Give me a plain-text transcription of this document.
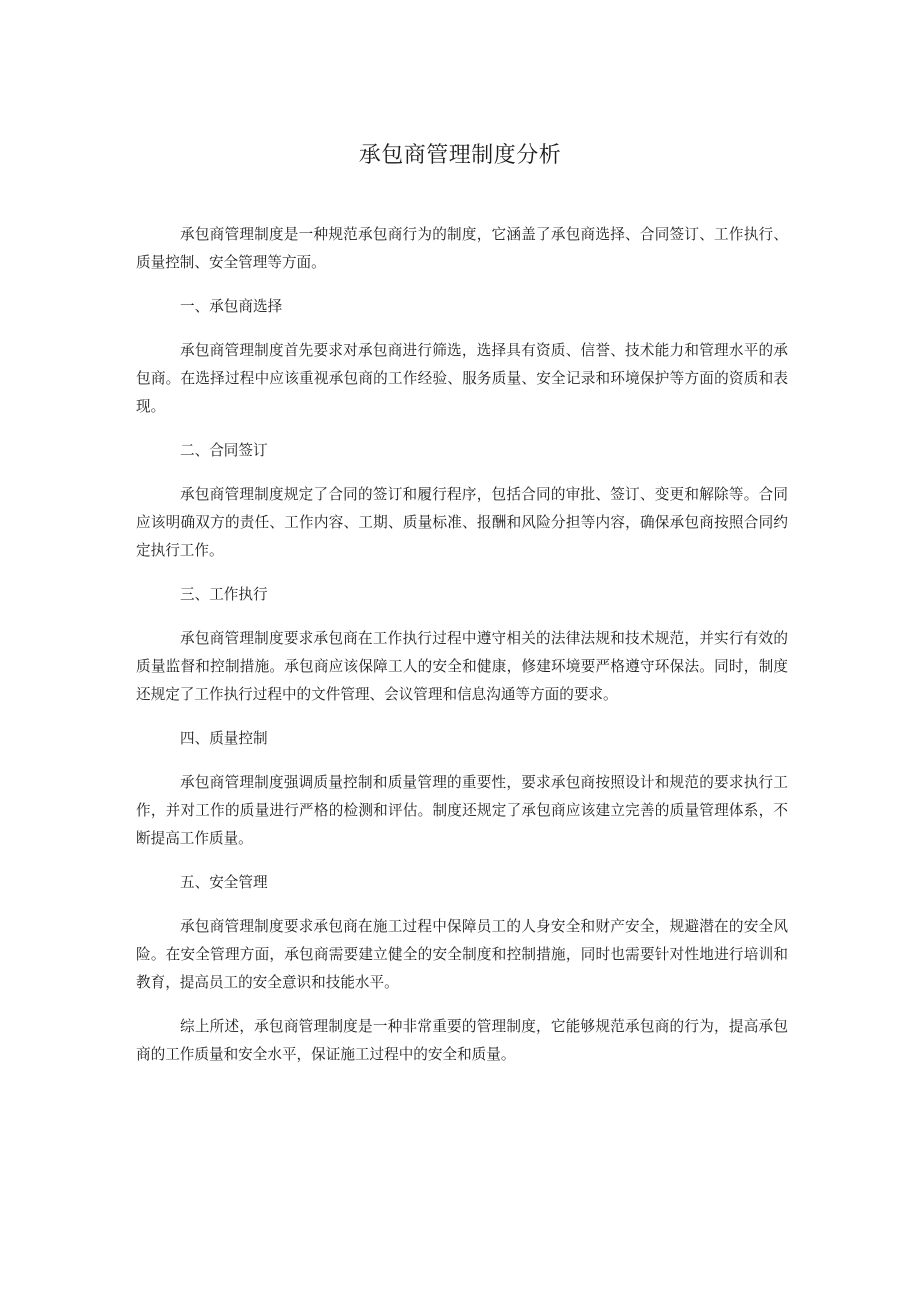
承包商管理制度分析

承包商管理制度是一种规范承包商行为的制度，它涵盖了承包商选择、合同签订、工作执行、质量控制、安全管理等方面。

一、承包商选择

承包商管理制度首先要求对承包商进行筛选，选择具有资质、信誉、技术能力和管理水平的承包商。在选择过程中应该重视承包商的工作经验、服务质量、安全记录和环境保护等方面的资质和表现。

二、合同签订

承包商管理制度规定了合同的签订和履行程序，包括合同的审批、签订、变更和解除等。合同应该明确双方的责任、工作内容、工期、质量标准、报酬和风险分担等内容，确保承包商按照合同约定执行工作。

三、工作执行

承包商管理制度要求承包商在工作执行过程中遵守相关的法律法规和技术规范，并实行有效的质量监督和控制措施。承包商应该保障工人的安全和健康，修建环境要严格遵守环保法。同时，制度还规定了工作执行过程中的文件管理、会议管理和信息沟通等方面的要求。

四、质量控制

承包商管理制度强调质量控制和质量管理的重要性，要求承包商按照设计和规范的要求执行工作，并对工作的质量进行严格的检测和评估。制度还规定了承包商应该建立完善的质量管理体系，不断提高工作质量。

五、安全管理

承包商管理制度要求承包商在施工过程中保障员工的人身安全和财产安全，规避潜在的安全风险。在安全管理方面，承包商需要建立健全的安全制度和控制措施，同时也需要针对性地进行培训和教育，提高员工的安全意识和技能水平。

综上所述，承包商管理制度是一种非常重要的管理制度，它能够规范承包商的行为，提高承包商的工作质量和安全水平，保证施工过程中的安全和质量。
